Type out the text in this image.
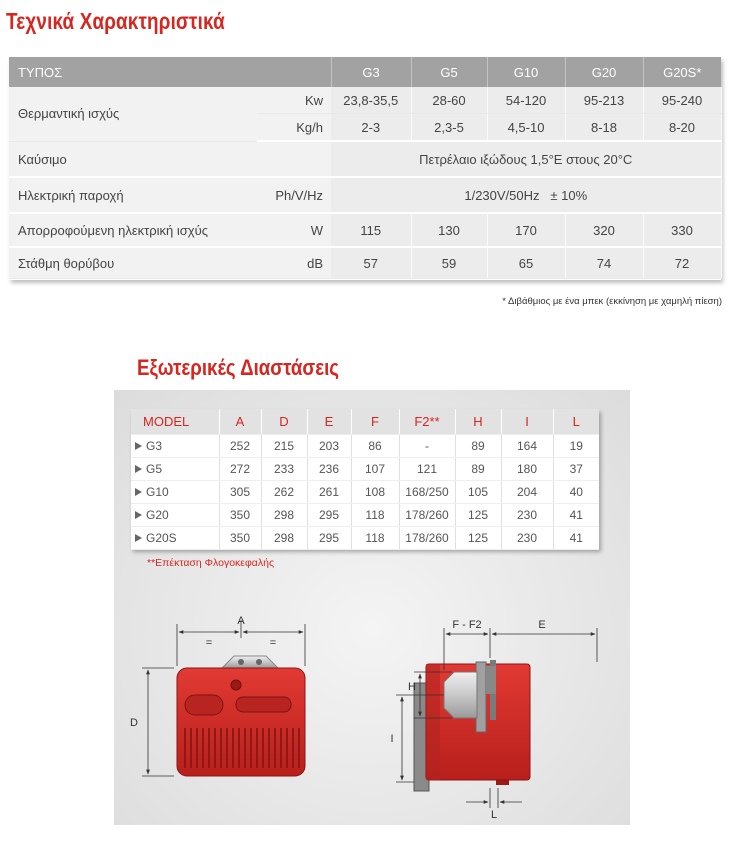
Τεχνικά Χαρακτηριστικά
ΤΥΠΟΣ		G3	G5	G10	G20	G20S*
Θερμαντική ισχύς	Kw	23,8-35,5	28-60	54-120	95-213	95-240
	Kg/h	2-3	2,3-5	4,5-10	8-18	8-20
Καύσιμο		Πετρέλαιο ιξώδους 1,5°E στους 20°C				
Ηλεκτρική παροχή	Ph/V/Hz	1/230V/50Hz   ± 10%				
Απορροφούμενη ηλεκτρική ισχύς	W	115	130	170	320	330
Στάθμη θορύβου	dB	57	59	65	74	72
* Διβάθμιος με ένα μπεκ (εκκίνηση με χαμηλή πίεση)
Εξωτερικές Διαστάσεις
MODEL	A	D	E	F	F2**	H	I	L
G3	252	215	203	86	-	89	164	19
G5	272	233	236	107	121	89	180	37
G10	305	262	261	108	168/250	105	204	40
G20	350	298	295	118	178/260	125	230	41
G20S	350	298	295	118	178/260	125	230	41
**Επέκταση Φλογοκεφαλής
A
=	=
D
F - F2	E
H
I
L
